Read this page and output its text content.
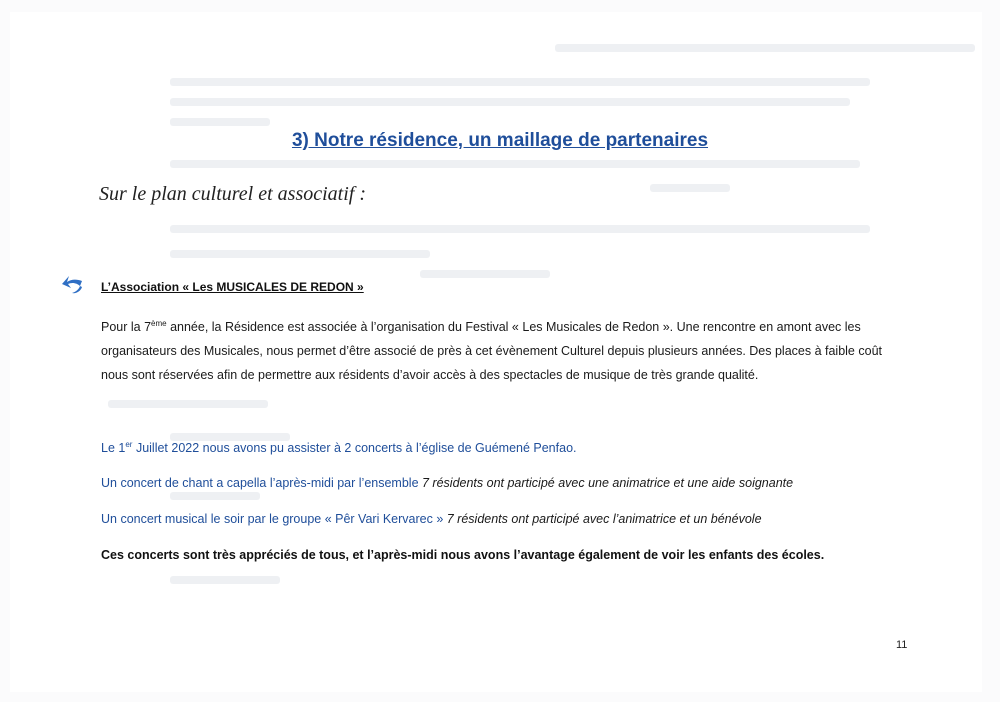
3) Notre résidence, un maillage de partenaires
Sur le plan culturel et associatif :
L’Association « Les MUSICALES DE REDON »
Pour la 7ème année, la Résidence est associée à l’organisation du Festival « Les Musicales de Redon ». Une rencontre en amont avec les organisateurs des Musicales, nous permet d’être associé de près à cet évènement Culturel depuis plusieurs années. Des places à faible coût nous sont réservées afin de permettre aux résidents d’avoir accès à des spectacles de musique de très grande qualité.
Le 1er Juillet 2022 nous avons pu assister à 2 concerts à l’église de Guémené Penfao.
Un concert de chant a capella l’après-midi par l’ensemble 7 résidents ont participé avec une animatrice et une aide soignante
Un concert musical le soir par le groupe « Pêr Vari Kervarec » 7 résidents ont participé avec l’animatrice et un bénévole
Ces concerts sont très appréciés de tous, et l’après-midi nous avons l’avantage également de voir les enfants des écoles.
11
